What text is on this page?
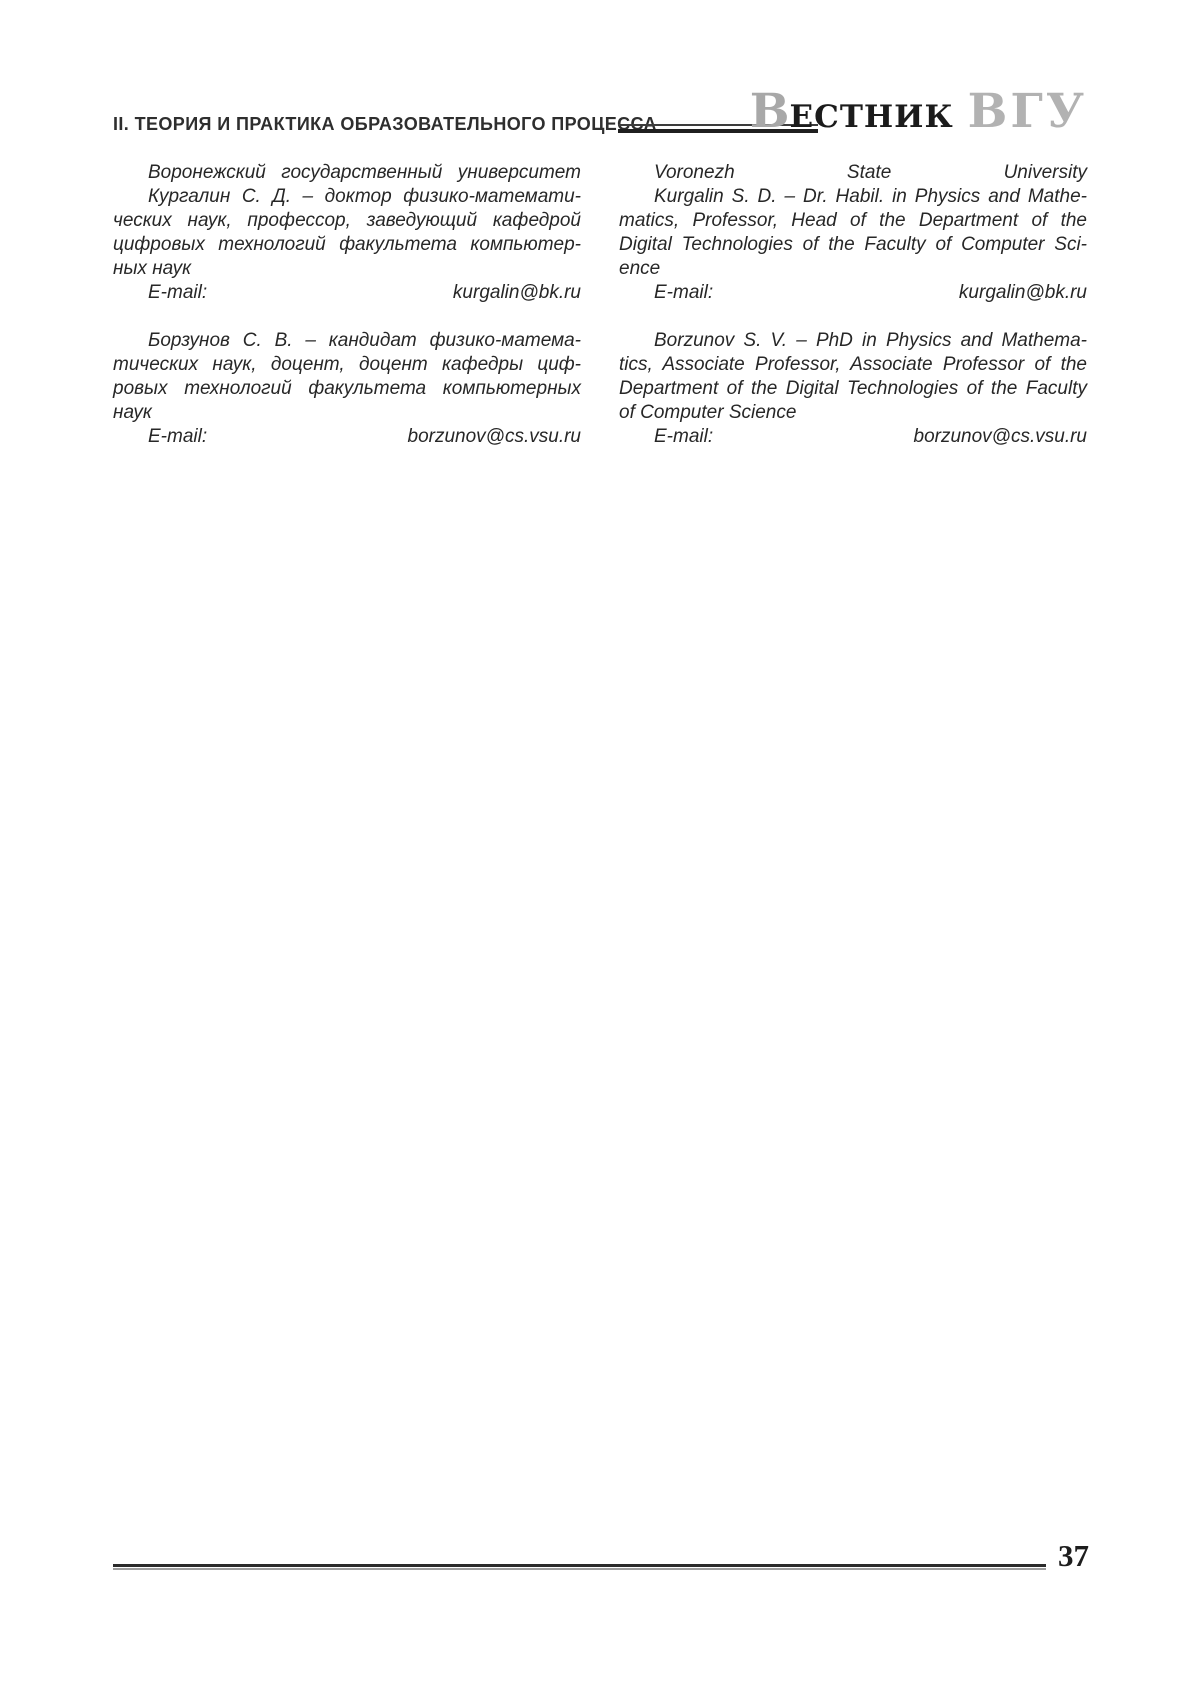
II. ТЕОРИЯ И ПРАКТИКА ОБРАЗОВАТЕЛЬНОГО ПРОЦЕССА ВЕСТНИК ВГУ
Воронежский государственный университет
Кургалин С. Д. – доктор физико-математи-
ческих наук, профессор, заведующий кафедрой
цифровых технологий факультета компьютер-
ных наук
E-mail: kurgalin@bk.ru
Борзунов С. В. – кандидат физико-матема-
тических наук, доцент, доцент кафедры циф-
ровых технологий факультета компьютерных
наук
E-mail: borzunov@cs.vsu.ru
Voronezh State University
Kurgalin S. D. – Dr. Habil. in Physics and Mathe-
matics, Professor, Head of the Department of the
Digital Technologies of the Faculty of Computer Sci-
ence
E-mail: kurgalin@bk.ru
Borzunov S. V. – PhD in Physics and Mathema-
tics, Associate Professor, Associate Professor of the
Department of the Digital Technologies of the Faculty
of Computer Science
E-mail: borzunov@cs.vsu.ru
37
